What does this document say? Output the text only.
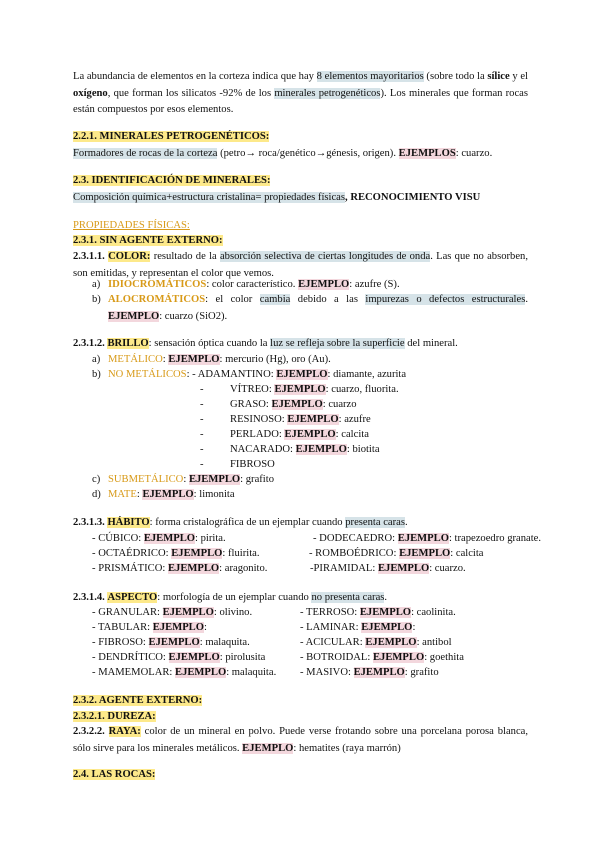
La abundancia de elementos en la corteza indica que hay 8 elementos mayoritarios (sobre todo la sílice y el oxígeno, que forman los silicatos -92% de los minerales petrogenéticos). Los minerales que forman rocas están compuestos por esos elementos.
2.2.1. MINERALES PETROGENÉTICOS:
Formadores de rocas de la corteza (petro→ roca/genético→génesis, origen). EJEMPLOS: cuarzo.
2.3. IDENTIFICACIÓN DE MINERALES:
Composición química+estructura cristalina= propiedades físicas, RECONOCIMIENTO VISU
PROPIEDADES FÍSICAS:
2.3.1. SIN AGENTE EXTERNO:
2.3.1.1. COLOR: resultado de la absorción selectiva de ciertas longitudes de onda. Las que no absorben, son emitidas, y representan el color que vemos.
a) IDIOCROMÁTICOS: color característico. EJEMPLO: azufre (S).
b) ALOCROMÁTICOS: el color cambia debido a las impurezas o defectos estructurales. EJEMPLO: cuarzo (SiO2).
2.3.1.2. BRILLO: sensación óptica cuando la luz se refleja sobre la superficie del mineral.
a) METÁLICO: EJEMPLO: mercurio (Hg), oro (Au).
b) NO METÁLICOS: - ADAMANTINO: EJEMPLO: diamante, azurita
- VÍTREO: EJEMPLO: cuarzo, fluorita.
- GRASO: EJEMPLO: cuarzo
- RESINOSO: EJEMPLO: azufre
- PERLADO: EJEMPLO: calcita
- NACARADO: EJEMPLO: biotita
- FIBROSO
c) SUBMETÁLICO: EJEMPLO: grafito
d) MATE: EJEMPLO: limonita
2.3.1.3. HÁBITO: forma cristalográfica de un ejemplar cuando presenta caras.
- CÚBICO: EJEMPLO: pirita.	- DODECAEDRO: EJEMPLO: trapezoedro granate.
- OCTAÉDRICO: EJEMPLO: fluirita.	- ROMBOÉDRICO: EJEMPLO: calcita
- PRISMÁTICO: EJEMPLO: aragonito.	-PIRAMIDAL: EJEMPLO: cuarzo.
2.3.1.4. ASPECTO: morfología de un ejemplar cuando no presenta caras.
- GRANULAR: EJEMPLO: olivino.	- TERROSO: EJEMPLO: caolinita.
- TABULAR: EJEMPLO:	- LAMINAR: EJEMPLO:
- FIBROSO: EJEMPLO: malaquita.	- ACICULAR: EJEMPLO: antibol
- DENDRÍTICO: EJEMPLO: pirolusita	- BOTROIDAL: EJEMPLO: goethita
- MAMEMOLAR: EJEMPLO: malaquita. - MASIVO: EJEMPLO: grafito
2.3.2. AGENTE EXTERNO:
2.3.2.1. DUREZA:
2.3.2.2. RAYA: color de un mineral en polvo. Puede verse frotando sobre una porcelana porosa blanca, sólo sirve para los minerales metálicos. EJEMPLO: hematites (raya marrón)
2.4. LAS ROCAS:
